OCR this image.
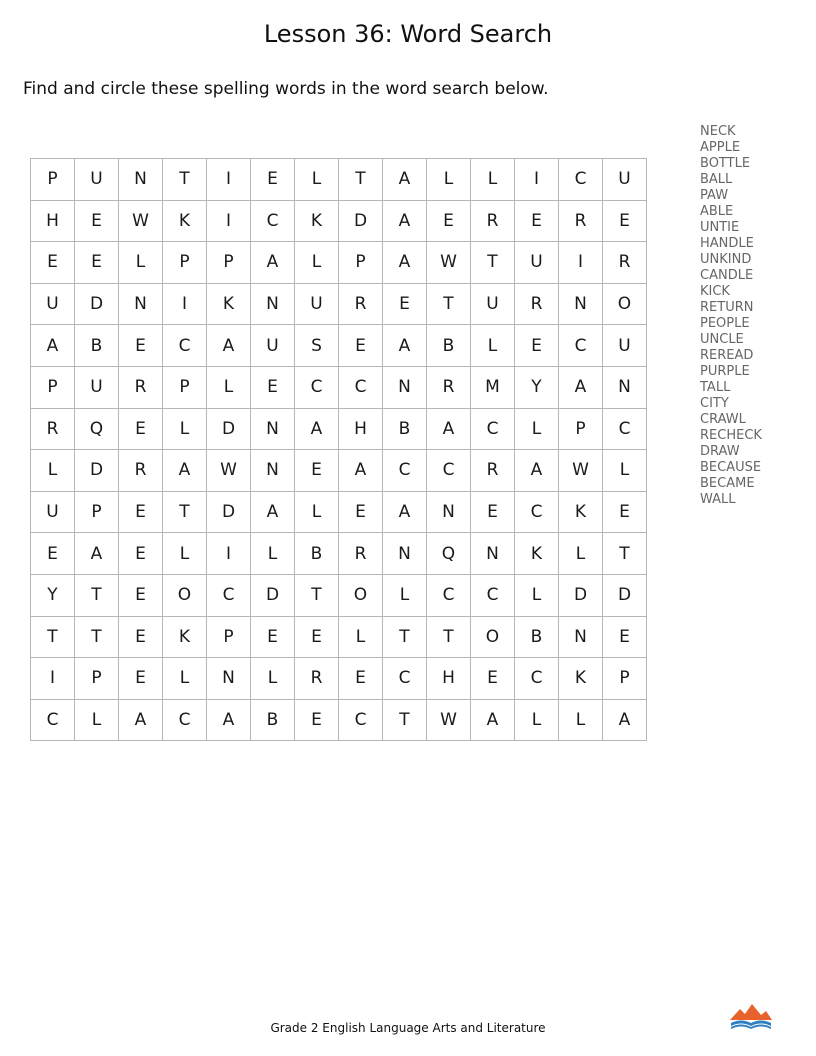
Lesson 36: Word Search
Find and circle these spelling words in the word search below.
P	U	N	T	I	E	L	T	A	L	L	I	C	U
H	E	W	K	I	C	K	D	A	E	R	E	R	E
E	E	L	P	P	A	L	P	A	W	T	U	I	R
U	D	N	I	K	N	U	R	E	T	U	R	N	O
A	B	E	C	A	U	S	E	A	B	L	E	C	U
P	U	R	P	L	E	C	C	N	R	M	Y	A	N
R	Q	E	L	D	N	A	H	B	A	C	L	P	C
L	D	R	A	W	N	E	A	C	C	R	A	W	L
U	P	E	T	D	A	L	E	A	N	E	C	K	E
E	A	E	L	I	L	B	R	N	Q	N	K	L	T
Y	T	E	O	C	D	T	O	L	C	C	L	D	D
T	T	E	K	P	E	E	L	T	T	O	B	N	E
I	P	E	L	N	L	R	E	C	H	E	C	K	P
C	L	A	C	A	B	E	C	T	W	A	L	L	A
NECK
APPLE
BOTTLE
BALL
PAW
ABLE
UNTIE
HANDLE
UNKIND
CANDLE
KICK
RETURN
PEOPLE
UNCLE
REREAD
PURPLE
TALL
CITY
CRAWL
RECHECK
DRAW
BECAUSE
BECAME
WALL
Grade 2 English Language Arts and Literature
